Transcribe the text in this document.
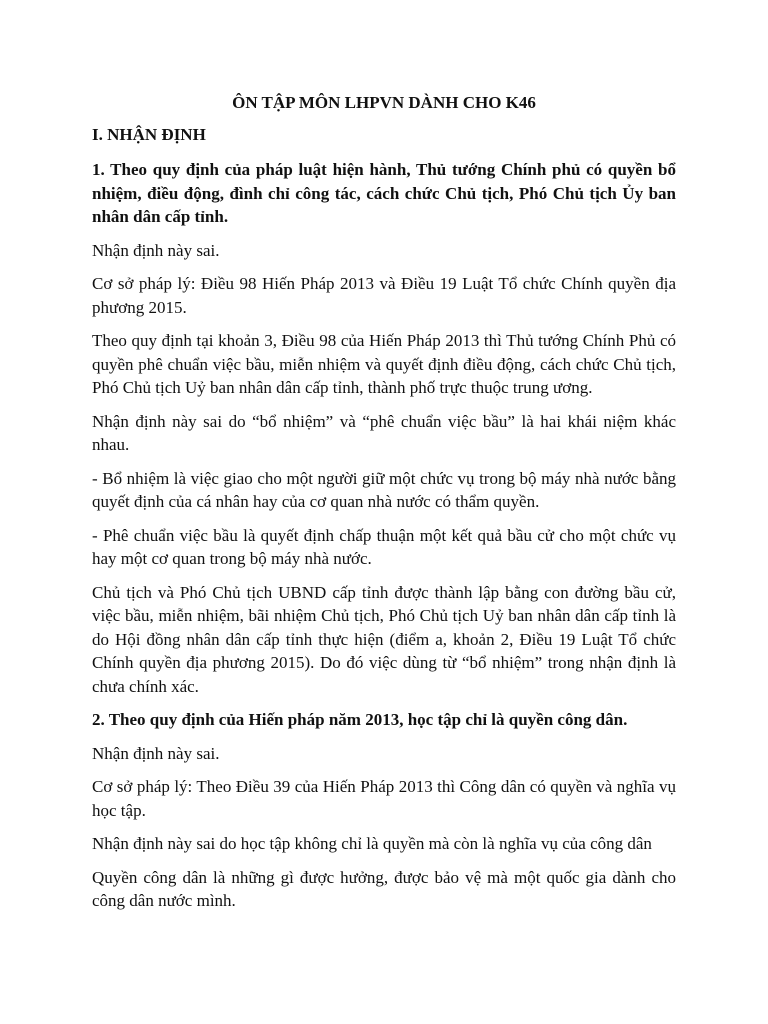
ÔN TẬP MÔN LHPVN DÀNH CHO K46
I. NHẬN ĐỊNH

1. Theo quy định của pháp luật hiện hành, Thủ tướng Chính phủ có quyền bổ nhiệm, điều động, đình chỉ công tác, cách chức Chủ tịch, Phó Chủ tịch Ủy ban nhân dân cấp tỉnh.

Nhận định này sai.

Cơ sở pháp lý: Điều 98 Hiến Pháp 2013 và Điều 19 Luật Tổ chức Chính quyền địa phương 2015.

Theo quy định tại khoản 3, Điều 98 của Hiến Pháp 2013 thì Thủ tướng Chính Phủ có quyền phê chuẩn việc bầu, miễn nhiệm và quyết định điều động, cách chức Chủ tịch, Phó Chủ tịch Uỷ ban nhân dân cấp tỉnh, thành phố trực thuộc trung ương.

Nhận định này sai do “bổ nhiệm” và “phê chuẩn việc bầu” là hai khái niệm khác nhau.

- Bổ nhiệm là việc giao cho một người giữ một chức vụ trong bộ máy nhà nước bằng quyết định của cá nhân hay của cơ quan nhà nước có thẩm quyền.

- Phê chuẩn việc bầu là quyết định chấp thuận một kết quả bầu cử cho một chức vụ hay một cơ quan trong bộ máy nhà nước.

Chủ tịch và Phó Chủ tịch UBND cấp tỉnh được thành lập bằng con đường bầu cử, việc bầu, miễn nhiệm, bãi nhiệm Chủ tịch, Phó Chủ tịch Uỷ ban nhân dân cấp tỉnh là do Hội đồng nhân dân cấp tỉnh thực hiện (điểm a, khoản 2, Điều 19 Luật Tổ chức Chính quyền địa phương 2015). Do đó việc dùng từ “bổ nhiệm” trong nhận định là chưa chính xác.

2. Theo quy định của Hiến pháp năm 2013, học tập chỉ là quyền công dân.

Nhận định này sai.

Cơ sở pháp lý: Theo Điều 39 của Hiến Pháp 2013 thì Công dân có quyền và nghĩa vụ học tập.

Nhận định này sai do học tập không chỉ là quyền mà còn là nghĩa vụ của công dân

Quyền công dân là những gì được hưởng, được bảo vệ mà một quốc gia dành cho công dân nước mình.
